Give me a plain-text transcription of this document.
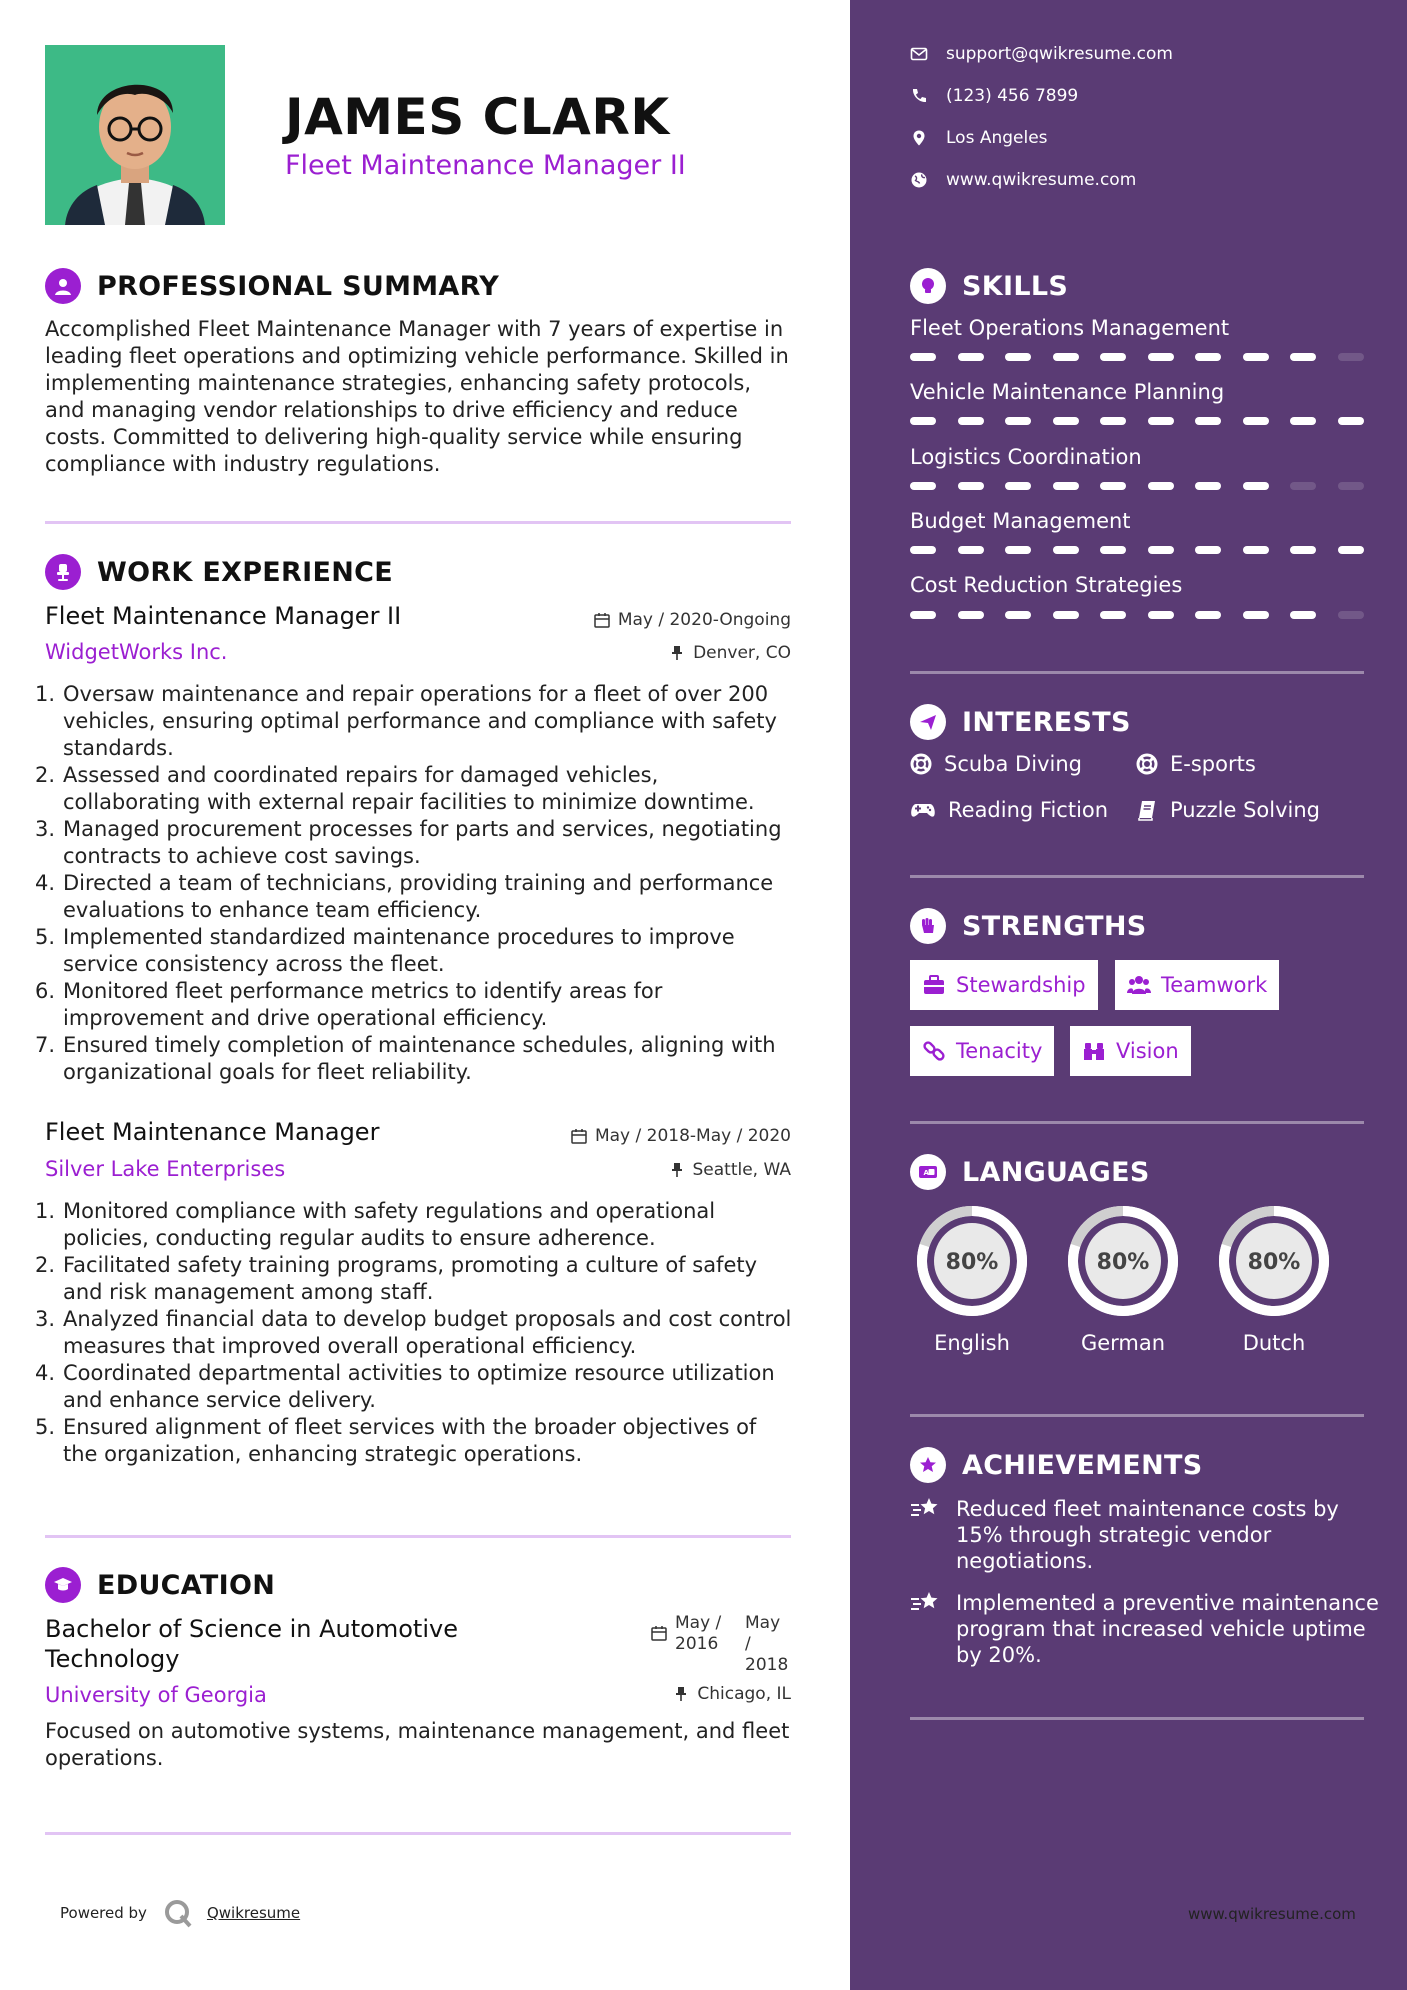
JAMES CLARK
Fleet Maintenance Manager II
PROFESSIONAL SUMMARY
Accomplished Fleet Maintenance Manager with 7 years of expertise in leading fleet operations and optimizing vehicle performance. Skilled in implementing maintenance strategies, enhancing safety protocols, and managing vendor relationships to drive efficiency and reduce costs. Committed to delivering high-quality service while ensuring compliance with industry regulations.
WORK EXPERIENCE
Fleet Maintenance Manager II	May / 2020-Ongoing
WidgetWorks Inc.	Denver, CO
1. Oversaw maintenance and repair operations for a fleet of over 200 vehicles, ensuring optimal performance and compliance with safety standards.
2. Assessed and coordinated repairs for damaged vehicles, collaborating with external repair facilities to minimize downtime.
3. Managed procurement processes for parts and services, negotiating contracts to achieve cost savings.
4. Directed a team of technicians, providing training and performance evaluations to enhance team efficiency.
5. Implemented standardized maintenance procedures to improve service consistency across the fleet.
6. Monitored fleet performance metrics to identify areas for improvement and drive operational efficiency.
7. Ensured timely completion of maintenance schedules, aligning with organizational goals for fleet reliability.
Fleet Maintenance Manager	May / 2018-May / 2020
Silver Lake Enterprises	Seattle, WA
1. Monitored compliance with safety regulations and operational policies, conducting regular audits to ensure adherence.
2. Facilitated safety training programs, promoting a culture of safety and risk management among staff.
3. Analyzed financial data to develop budget proposals and cost control measures that improved overall operational efficiency.
4. Coordinated departmental activities to optimize resource utilization and enhance service delivery.
5. Ensured alignment of fleet services with the broader objectives of the organization, enhancing strategic operations.
EDUCATION
Bachelor of Science in Automotive Technology
May / 2016
May / 2018
University of Georgia	Chicago, IL
Focused on automotive systems, maintenance management, and fleet operations.
Powered by	Qwikresume
support@qwikresume.com
(123) 456 7899
Los Angeles
www.qwikresume.com
SKILLS
Fleet Operations Management
Vehicle Maintenance Planning
Logistics Coordination
Budget Management
Cost Reduction Strategies
INTERESTS
Scuba Diving	E-sports
Reading Fiction	Puzzle Solving
STRENGTHS
Stewardship	Teamwork
Tenacity	Vision
A LANGUAGES
80%
English
80%
German
80%
Dutch
ACHIEVEMENTS
Reduced fleet maintenance costs by 15% through strategic vendor negotiations.
Implemented a preventive maintenance program that increased vehicle uptime by 20%.
www.qwikresume.com
